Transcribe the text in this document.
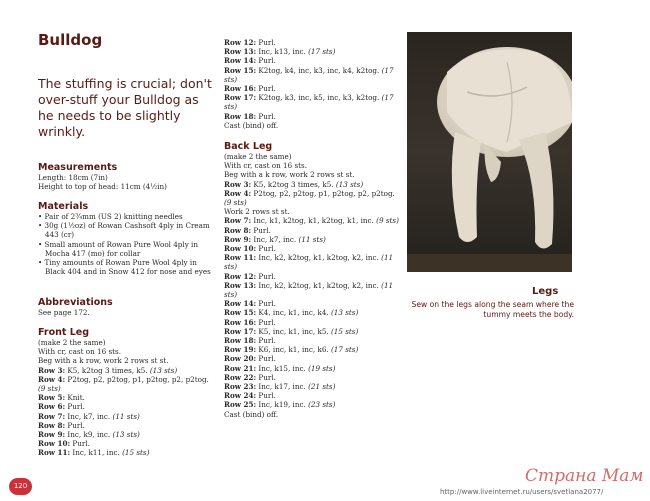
Bulldog
The stuffing is crucial; don't over-stuff your Bulldog as he needs to be slightly wrinkly.
Measurements
Length: 18cm (7in)
Height to top of head: 11cm (4½in)
Materials
• Pair of 2¾mm (US 2) knitting needles
• 30g (1½oz) of Rowan Cashsoft 4ply in Cream 443 (cr)
• Small amount of Rowan Pure Wool 4ply in Mocha 417 (mo) for collar
• Tiny amounts of Rowan Pure Wool 4ply in Black 404 and in Snow 412 for nose and eyes
Abbreviations
See page 172.
Front Leg
(make 2 the same)
With cr, cast on 16 sts.
Beg with a k row, work 2 rows st st.
Row 3: K5, k2tog 3 times, k5. (13 sts)
Row 4: P2tog, p2, p2tog, p1, p2tog, p2, p2tog. (9 sts)
Row 5: Knit.
Row 6: Purl.
Row 7: Inc, k7, inc. (11 sts)
Row 8: Purl.
Row 9: Inc, k9, inc. (13 sts)
Row 10: Purl.
Row 11: Inc, k11, inc. (15 sts)
Row 12: Purl.
Row 13: Inc, k13, inc. (17 sts)
Row 14: Purl.
Row 15: K2tog, k4, inc, k3, inc, k4, k2tog. (17 sts)
Row 16: Purl.
Row 17: K2tog, k3, inc, k5, inc, k3, k2tog. (17 sts)
Row 18: Purl.
Cast (bind) off.
Back Leg
(make 2 the same)
With cr, cast on 16 sts.
Beg with a k row, work 2 rows st st.
Row 3: K5, k2tog 3 times, k5. (13 sts)
Row 4: P2tog, p2, p2tog, p1, p2tog, p2, p2tog. (9 sts)
Work 2 rows st st.
Row 7: Inc, k1, k2tog, k1, k2tog, k1, inc. (9 sts)
Row 8: Purl.
Row 9: Inc, k7, inc. (11 sts)
Row 10: Purl.
Row 11: Inc, k2, k2tog, k1, k2tog, k2, inc. (11 sts)
Row 12: Purl.
Row 13: Inc, k2, k2tog, k1, k2tog, k2, inc. (11 sts)
Row 14: Purl.
Row 15: K4, inc, k1, inc, k4. (13 sts)
Row 16: Purl.
Row 17: K5, inc, k1, inc, k5. (15 sts)
Row 18: Purl.
Row 19: K6, inc, k1, inc, k6. (17 sts)
Row 20: Purl.
Row 21: Inc, k15, inc. (19 sts)
Row 22: Purl.
Row 23: Inc, k17, inc. (21 sts)
Row 24: Purl.
Row 25: Inc, k19, inc. (23 sts)
Cast (bind) off.
Legs
Sew on the legs along the seam where the tummy meets the body.
120	Страна Мам
http://www.liveinternet.ru/users/svetlana2077/
